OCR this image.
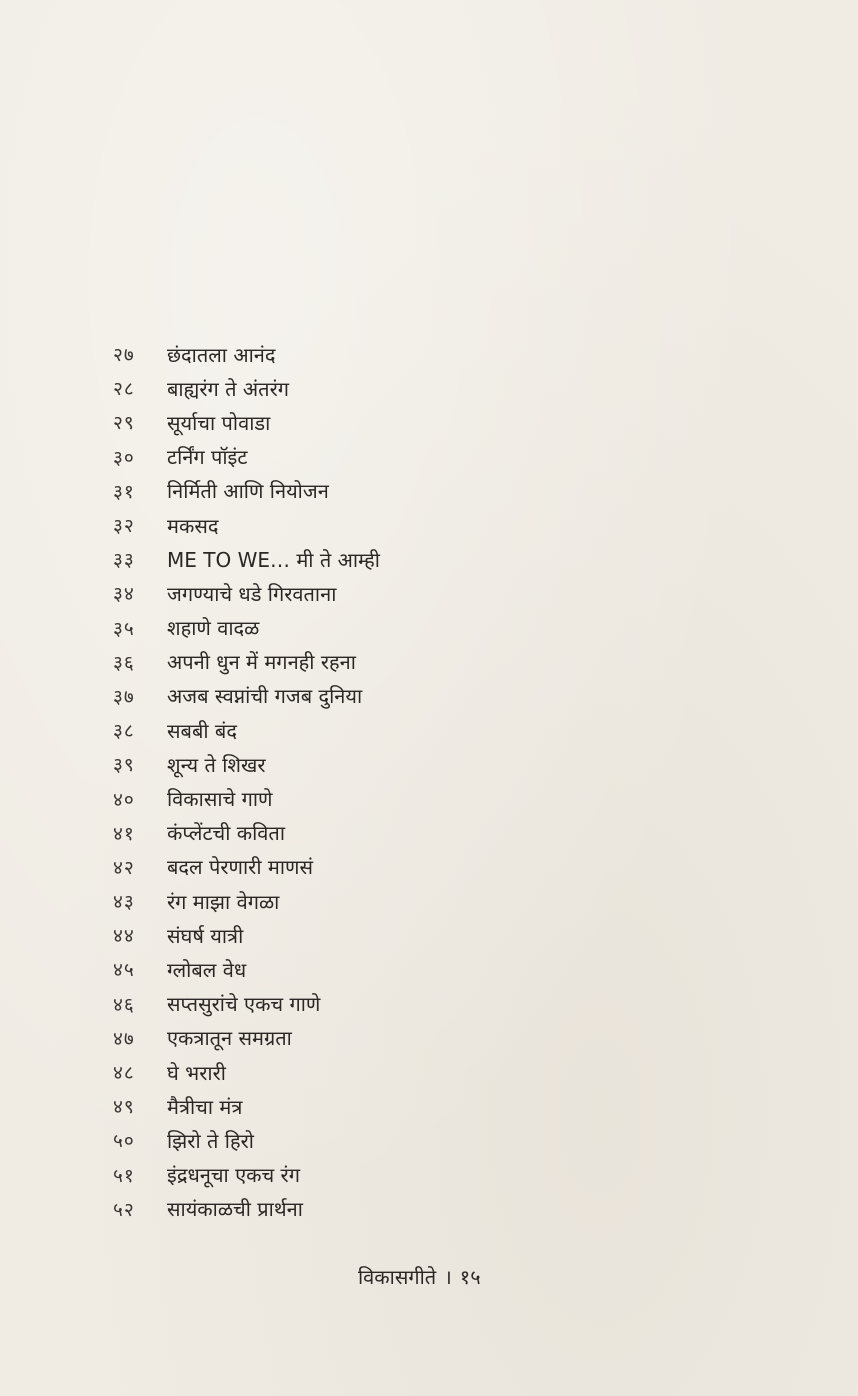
२७	छंदातला आनंद
२८	बाह्यरंग ते अंतरंग
२९	सूर्याचा पोवाडा
३०	टर्निंग पॉइंट
३१	निर्मिती आणि नियोजन
३२	मकसद
३३	ME TO WE… मी ते आम्ही
३४	जगण्याचे धडे गिरवताना
३५	शहाणे वादळ
३६	अपनी धुन में मगनही रहना
३७	अजब स्वप्नांची गजब दुनिया
३८	सबबी बंद
३९	शून्य ते शिखर
४०	विकासाचे गाणे
४१	कंप्लेंटची कविता
४२	बदल पेरणारी माणसं
४३	रंग माझा वेगळा
४४	संघर्ष यात्री
४५	ग्लोबल वेध
४६	सप्तसुरांचे एकच गाणे
४७	एकत्रातून समग्रता
४८	घे भरारी
४९	मैत्रीचा मंत्र
५०	झिरो ते हिरो
५१	इंद्रधनूचा एकच रंग
५२	सायंकाळची प्रार्थना
विकासगीते । १५
